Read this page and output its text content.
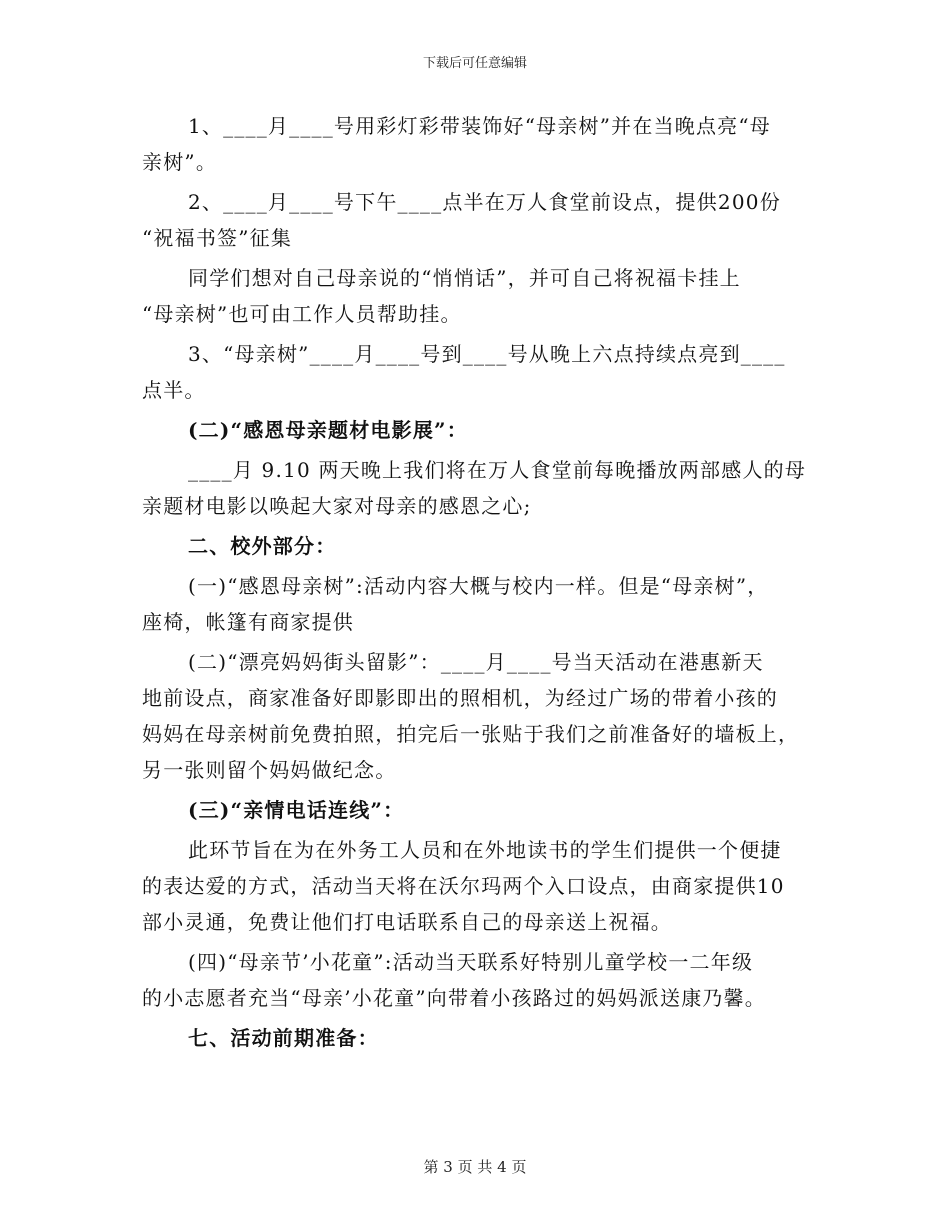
下载后可任意编辑
1、____月____号用彩灯彩带装饰好“母亲树”并在当晚点亮“母
亲树”。
2、____月____号下午____点半在万人食堂前设点，提供200份
“祝福书签”征集
同学们想对自己母亲说的“悄悄话”，并可自己将祝福卡挂上
“母亲树”也可由工作人员帮助挂。
3、“母亲树”____月____号到____号从晚上六点持续点亮到____
点半。
(二)“感恩母亲题材电影展”：
____月 9.10 两天晚上我们将在万人食堂前每晚播放两部感人的母
亲题材电影以唤起大家对母亲的感恩之心;
二、校外部分：
(一)“感恩母亲树”:活动内容大概与校内一样。但是“母亲树”，
座椅，帐篷有商家提供
(二)“漂亮妈妈街头留影”：____月____号当天活动在港惠新天
地前设点，商家准备好即影即出的照相机，为经过广场的带着小孩的
妈妈在母亲树前免费拍照，拍完后一张贴于我们之前准备好的墙板上，
另一张则留个妈妈做纪念。
(三)“亲情电话连线”：
此环节旨在为在外务工人员和在外地读书的学生们提供一个便捷
的表达爱的方式，活动当天将在沃尔玛两个入口设点，由商家提供10
部小灵通，免费让他们打电话联系自己的母亲送上祝福。
(四)“母亲节’小花童”:活动当天联系好特别儿童学校一二年级
的小志愿者充当“母亲’小花童”向带着小孩路过的妈妈派送康乃馨。
七、活动前期准备：
第 3 页 共 4 页
